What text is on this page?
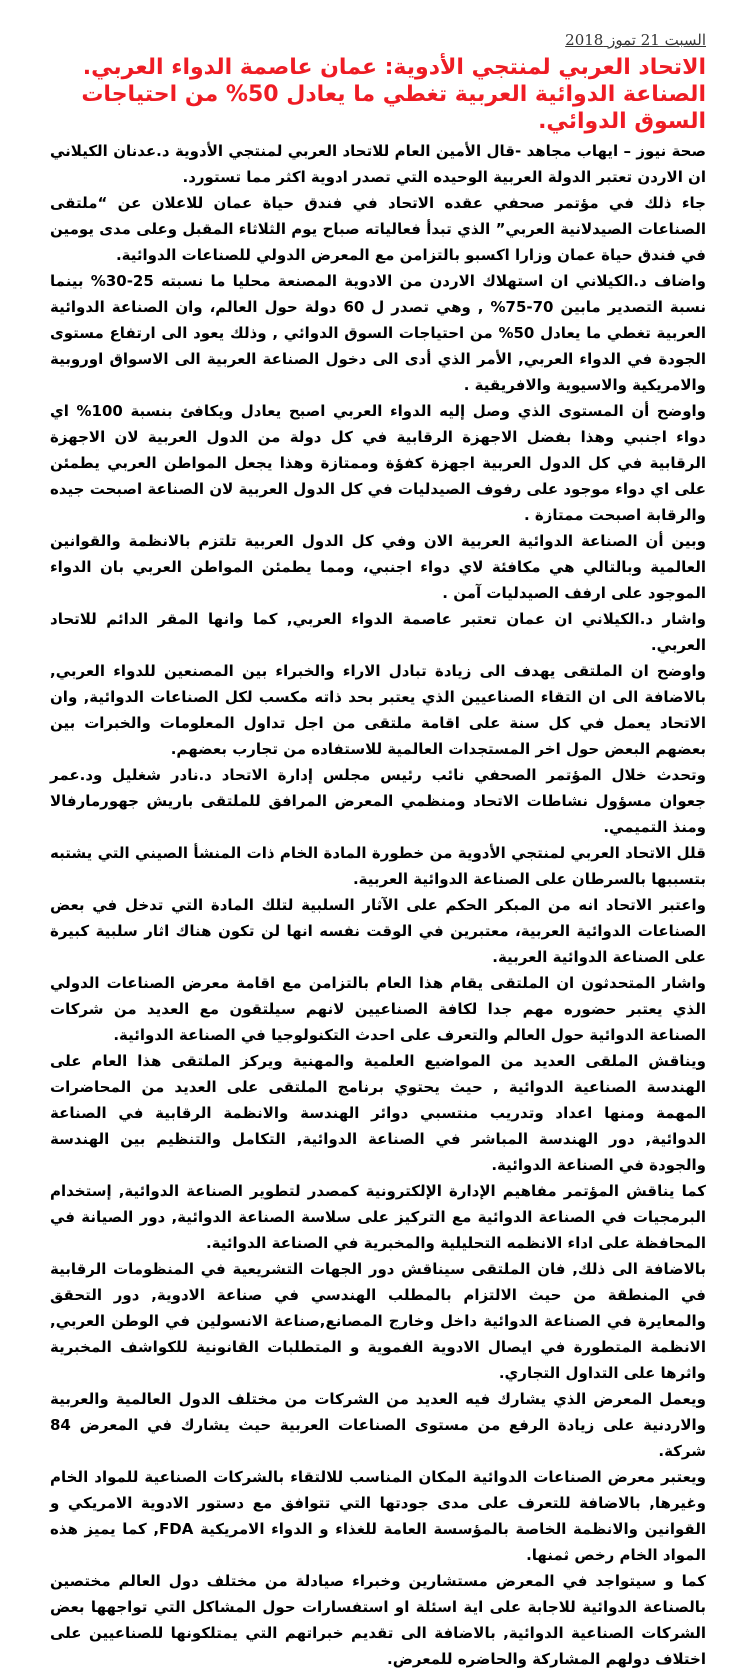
السبت 21 تموز 2018
الاتحاد العربي لمنتجي الأدوية: عمان عاصمة الدواء العربي.
الصناعة الدوائية العربية تغطي ما يعادل 50% من احتياجات السوق الدوائي.

صحة نيوز – ايهاب مجاهد -قال الأمين العام للاتحاد العربي لمنتجي الأدوية د.عدنان الكيلاني ان الاردن تعتبر الدولة العربية الوحيده التي تصدر ادوية اكثر مما تستورد.

جاء ذلك في مؤتمر صحفي عقده الاتحاد في فندق حياة عمان للاعلان عن “ملتقى الصناعات الصيدلانية العربي” الذي تبدأ فعالياته صباح يوم الثلاثاء المقبل وعلى مدى يومين في فندق حياة عمان وزارا اكسبو بالتزامن مع المعرض الدولي للصناعات الدوائية.

واضاف د.الكيلاني ان استهلاك الاردن من الادوية المصنعة محليا ما نسبته 25-30% بينما نسبة التصدير مابين 70-75% , وهي تصدر ل 60 دولة حول العالم، وان الصناعة الدوائية العربية تغطي ما يعادل 50% من احتياجات السوق الدوائي , وذلك يعود الى ارتفاع مستوى الجودة في الدواء العربي, الأمر الذي أدى الى دخول الصناعة العربية الى الاسواق اوروبية والامريكية والاسيوية والافريقية .

واوضح أن المستوى الذي وصل إليه الدواء العربي اصبح يعادل ويكافئ بنسبة 100% اي دواء اجنبي وهذا بفضل الاجهزة الرقابية في كل دولة من الدول العربية لان الاجهزة الرقابية في كل الدول العربية اجهزة كفؤة وممتازة وهذا يجعل المواطن العربي يطمئن على اي دواء موجود على رفوف الصيدليات في كل الدول العربية لان الصناعة اصبحت جيده والرقابة اصبحت ممتازة .

وبين أن الصناعة الدوائية العربية الان وفي كل الدول العربية تلتزم بالانظمة والقوانين العالمية وبالتالي هي مكافئة لاي دواء اجنبي، ومما يطمئن المواطن العربي بان الدواء الموجود على ارفف الصيدليات آمن .

واشار د.الكيلاني ان عمان تعتبر عاصمة الدواء العربي, كما وانها المقر الدائم للاتحاد العربي.

واوضح ان الملتقى يهدف الى زيادة تبادل الاراء والخبراء بين المصنعين للدواء العربي, بالاضافة الى ان التقاء الصناعيين الذي يعتبر بحد ذاته مكسب لكل الصناعات الدوائية, وان الاتحاد يعمل في كل سنة على اقامة ملتقى من اجل تداول المعلومات والخبرات بين بعضهم البعض حول اخر المستجدات العالمية للاستفاده من تجارب بعضهم.

وتحدث خلال المؤتمر الصحفي نائب رئيس مجلس إدارة الاتحاد د.نادر شغليل ود.عمر جعوان مسؤول نشاطات الاتحاد ومنظمي المعرض المرافق للملتقى باريش جهورمارفالا ومنذ التميمي.

قلل الاتحاد العربي لمنتجي الأدوية من خطورة المادة الخام ذات المنشأ الصيني التي يشتبه بتسببها بالسرطان على الصناعة الدوائية العربية.

واعتبر الاتحاد انه من المبكر الحكم على الآثار السلبية لتلك المادة التي تدخل في بعض الصناعات الدوائية العربية، معتبرين في الوقت نفسه انها لن تكون هناك اثار سلبية كبيرة على الصناعة الدوائية العربية.

واشار المتحدثون ان الملتقى يقام هذا العام بالتزامن مع اقامة معرض الصناعات الدولي الذي يعتبر حضوره مهم جدا لكافة الصناعيين لانهم سيلتقون مع العديد من شركات الصناعة الدوائية حول العالم والتعرف على احدث التكنولوجيا في الصناعة الدوائية.

ويناقش الملقى العديد من المواضيع العلمية والمهنية ويركز الملتقى هذا العام على الهندسة الصناعية الدوائية , حيث يحتوي برنامج الملتقى على العديد من المحاضرات المهمة ومنها اعداد وتدريب منتسبي دوائر الهندسة والانظمة الرقابية في الصناعة الدوائية, دور الهندسة المباشر في الصناعة الدوائية, التكامل والتنظيم بين الهندسة والجودة في الصناعة الدوائية.

كما يناقش المؤتمر مفاهيم الإدارة الإلكترونية كمصدر لتطوير الصناعة الدوائية, إستخدام البرمجيات في الصناعة الدوائية مع التركيز على سلاسة الصناعة الدوائية, دور الصيانة في المحافظة على اداء الانظمه التحليلية والمخبرية في الصناعة الدوائية.

بالاضافة الى ذلك, فان الملتقى سيناقش دور الجهات التشريعية في المنظومات الرقابية في المنطقة من حيث الالتزام بالمطلب الهندسي في صناعة الادوية, دور التحقق والمعايرة في الصناعة الدوائية داخل وخارج المصانع,صناعة الانسولين في الوطن العربي, الانظمة المتطورة في ايصال الادوية الفموية و المتطلبات القانونية للكواشف المخبرية واثرها على التداول التجاري.

ويعمل المعرض الذي يشارك فيه العديد من الشركات من مختلف الدول العالمية والعربية والاردنية على زيادة الرفع من مستوى الصناعات العربية حيث يشارك في المعرض 84 شركة.

ويعتبر معرض الصناعات الدوائية المكان المناسب للالتقاء بالشركات الصناعية للمواد الخام وغيرها, بالاضافة للتعرف على مدى جودتها التي تتوافق مع دستور الادوية الامريكي و القوانين والانظمة الخاصة بالمؤسسة العامة للغذاء و الدواء الامريكية FDA, كما يميز هذه المواد الخام رخص ثمنها.

كما و سيتواجد في المعرض مستشارين وخبراء صيادلة من مختلف دول العالم مختصين بالصناعة الدوائية للاجابة على اية اسئلة او استفسارات حول المشاكل التي تواجهها بعض الشركات الصناعية الدوائية, بالاضافة الى تقديم خبراتهم التي يمتلكونها للصناعيين على اختلاف دولهم المشاركة والحاضره للمعرض.
